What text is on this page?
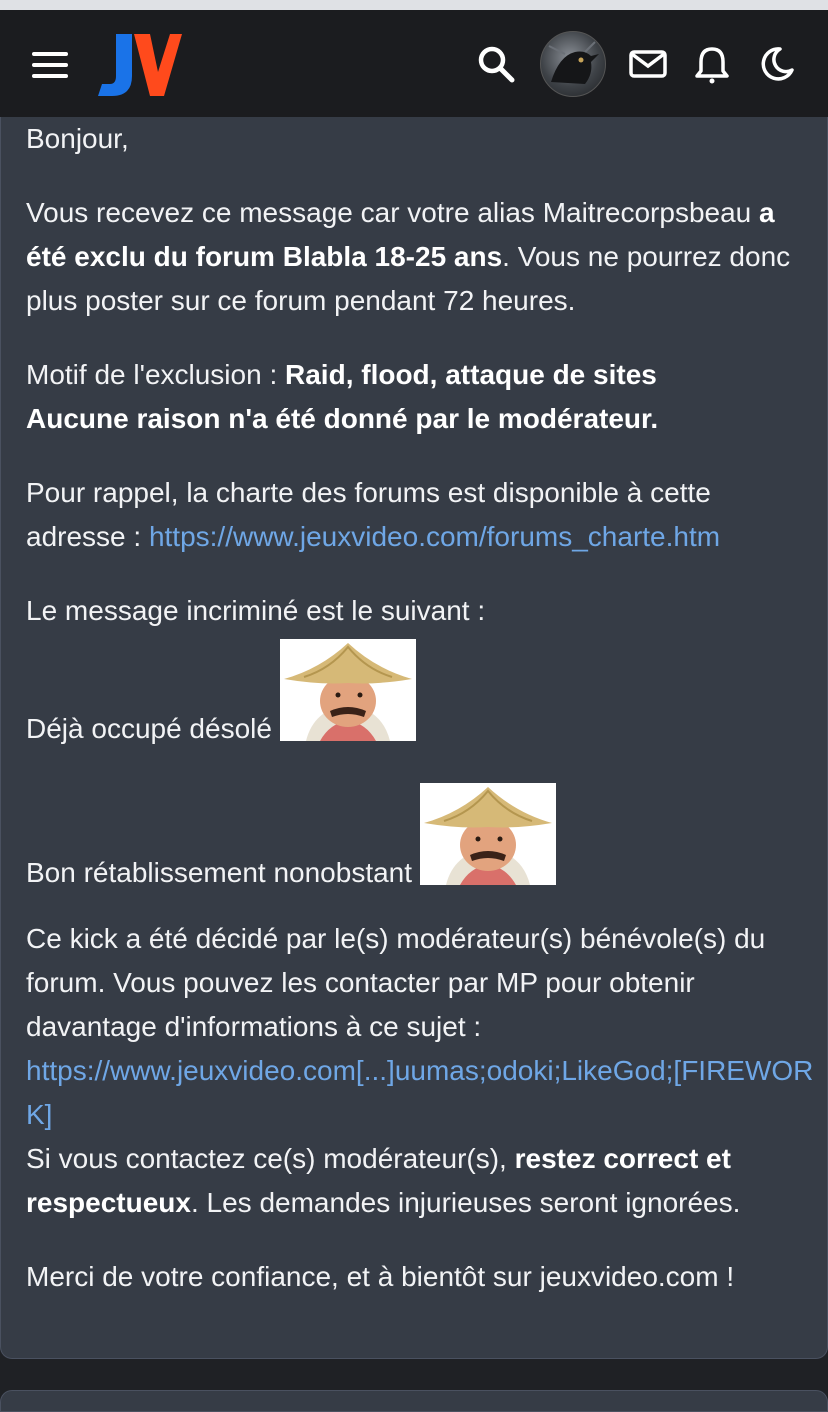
Bonjour,

Vous recevez ce message car votre alias Maitrecorpsbeau a été exclu du forum Blabla 18-25 ans. Vous ne pourrez donc plus poster sur ce forum pendant 72 heures.

Motif de l'exclusion : Raid, flood, attaque de sites
Aucune raison n'a été donné par le modérateur.

Pour rappel, la charte des forums est disponible à cette adresse : https://www.jeuxvideo.com/forums_charte.htm

Le message incriminé est le suivant :

Déjà occupé désolé
Bon rétablissement nonobstant

Ce kick a été décidé par le(s) modérateur(s) bénévole(s) du forum. Vous pouvez les contacter par MP pour obtenir davantage d'informations à ce sujet :
https://www.jeuxvideo.com[...]uumas;odoki;LikeGod;[FIREWORK]
Si vous contactez ce(s) modérateur(s), restez correct et respectueux. Les demandes injurieuses seront ignorées.

Merci de votre confiance, et à bientôt sur jeuxvideo.com !
